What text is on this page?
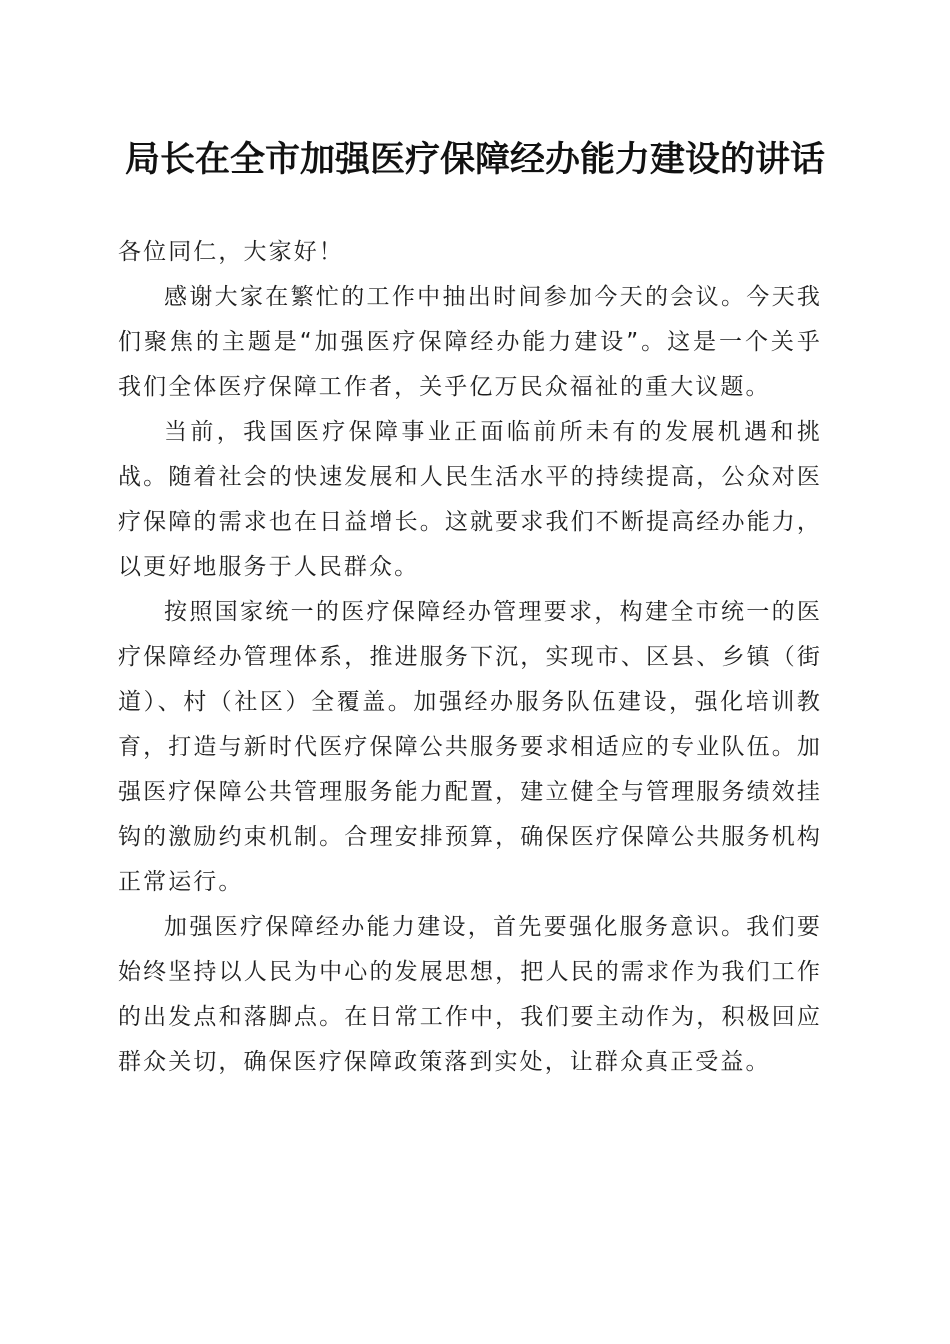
局长在全市加强医疗保障经办能力建设的讲话

各位同仁，大家好！

感谢大家在繁忙的工作中抽出时间参加今天的会议。今天我们聚焦的主题是“加强医疗保障经办能力建设”。这是一个关乎我们全体医疗保障工作者，关乎亿万民众福祉的重大议题。

当前，我国医疗保障事业正面临前所未有的发展机遇和挑战。随着社会的快速发展和人民生活水平的持续提高，公众对医疗保障的需求也在日益增长。这就要求我们不断提高经办能力，以更好地服务于人民群众。

按照国家统一的医疗保障经办管理要求，构建全市统一的医疗保障经办管理体系，推进服务下沉，实现市、区县、乡镇（街道）、村（社区）全覆盖。加强经办服务队伍建设，强化培训教育，打造与新时代医疗保障公共服务要求相适应的专业队伍。加强医疗保障公共管理服务能力配置，建立健全与管理服务绩效挂钩的激励约束机制。合理安排预算，确保医疗保障公共服务机构正常运行。

加强医疗保障经办能力建设，首先要强化服务意识。我们要始终坚持以人民为中心的发展思想，把人民的需求作为我们工作的出发点和落脚点。在日常工作中，我们要主动作为，积极回应群众关切，确保医疗保障政策落到实处，让群众真正受益。
